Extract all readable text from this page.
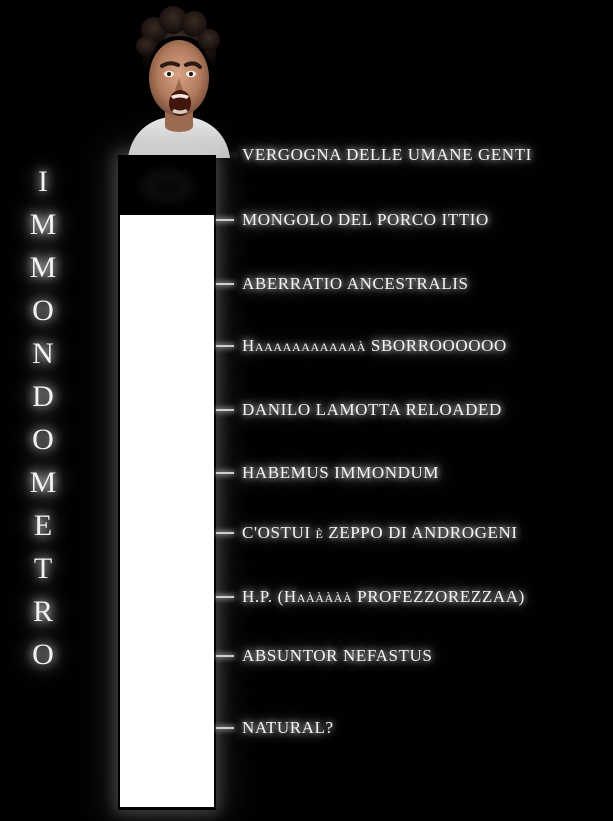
I
M
M
O
N
D
O
M
E
T
R
O
VERGOGNA DELLE UMANE GENTI
MONGOLO DEL PORCO ITTIO
ABERRATIO ANCESTRALIS
Haaaaaaaaaaaà SBORROOOOOO
DANILO LAMOTTA RELOADED
HABEMUS IMMONDUM
C'OSTUI è ZEPPO DI ANDROGENI
H.P. (Haààààà PROFEZZOREZZAA)
ABSUNTOR NEFASTUS
NATURAL?
